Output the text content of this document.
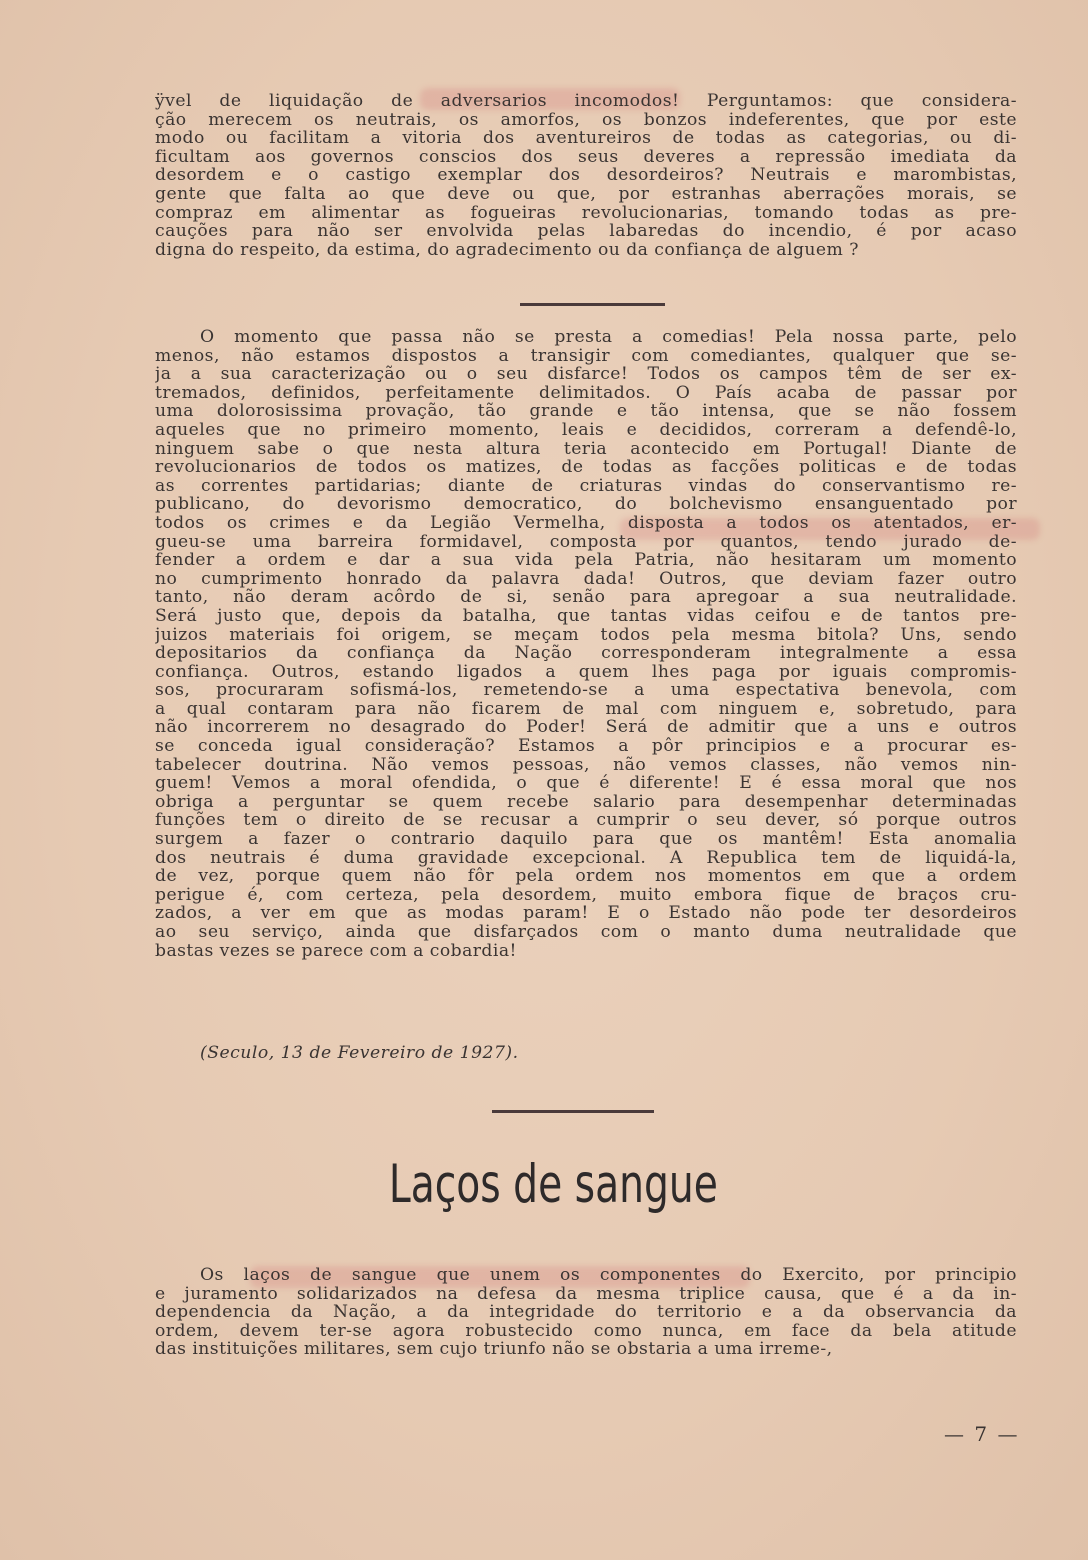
ÿvel de liquidação de adversarios incomodos! Perguntamos: que considera-
ção merecem os neutrais, os amorfos, os bonzos indeferentes, que por este
modo ou facilitam a vitoria dos aventureiros de todas as categorias, ou di-
ficultam aos governos conscios dos seus deveres a repressão imediata da
desordem e o castigo exemplar dos desordeiros? Neutrais e marombistas,
gente que falta ao que deve ou que, por estranhas aberrações morais, se
compraz em alimentar as fogueiras revolucionarias, tomando todas as pre-
cauções para não ser envolvida pelas labaredas do incendio, é por acaso
digna do respeito, da estima, do agradecimento ou da confiança de alguem ?
O momento que passa não se presta a comedias! Pela nossa parte, pelo
menos, não estamos dispostos a transigir com comediantes, qualquer que se-
ja a sua caracterização ou o seu disfarce! Todos os campos têm de ser ex-
tremados, definidos, perfeitamente delimitados. O País acaba de passar por
uma dolorosissima provação, tão grande e tão intensa, que se não fossem
aqueles que no primeiro momento, leais e decididos, correram a defendê-lo,
ninguem sabe o que nesta altura teria acontecido em Portugal! Diante de
revolucionarios de todos os matizes, de todas as facções politicas e de todas
as correntes partidarias; diante de criaturas vindas do conservantismo re-
publicano, do devorismo democratico, do bolchevismo ensanguentado por
todos os crimes e da Legião Vermelha, disposta a todos os atentados, er-
gueu-se uma barreira formidavel, composta por quantos, tendo jurado de-
fender a ordem e dar a sua vida pela Patria, não hesitaram um momento
no cumprimento honrado da palavra dada! Outros, que deviam fazer outro
tanto, não deram acôrdo de si, senão para apregoar a sua neutralidade.
Será justo que, depois da batalha, que tantas vidas ceifou e de tantos pre-
juizos materiais foi origem, se meçam todos pela mesma bitola? Uns, sendo
depositarios da confiança da Nação corresponderam integralmente a essa
confiança. Outros, estando ligados a quem lhes paga por iguais compromis-
sos, procuraram sofismá-los, remetendo-se a uma espectativa benevola, com
a qual contaram para não ficarem de mal com ninguem e, sobretudo, para
não incorrerem no desagrado do Poder! Será de admitir que a uns e outros
se conceda igual consideração? Estamos a pôr principios e a procurar es-
tabelecer doutrina. Não vemos pessoas, não vemos classes, não vemos nin-
guem! Vemos a moral ofendida, o que é diferente! E é essa moral que nos
obriga a perguntar se quem recebe salario para desempenhar determinadas
funções tem o direito de se recusar a cumprir o seu dever, só porque outros
surgem a fazer o contrario daquilo para que os mantêm! Esta anomalia
dos neutrais é duma gravidade excepcional. A Republica tem de liquidá-la,
de vez, porque quem não fôr pela ordem nos momentos em que a ordem
perigue é, com certeza, pela desordem, muito embora fique de braços cru-
zados, a ver em que as modas param! E o Estado não pode ter desordeiros
ao seu serviço, ainda que disfarçados com o manto duma neutralidade que
bastas vezes se parece com a cobardia!
(Seculo, 13 de Fevereiro de 1927).
Laços de sangue
Os laços de sangue que unem os componentes do Exercito, por principio
e juramento solidarizados na defesa da mesma triplice causa, que é a da in-
dependencia da Nação, a da integridade do territorio e a da observancia da
ordem, devem ter-se agora robustecido como nunca, em face da bela atitude
das instituições militares, sem cujo triunfo não se obstaria a uma irreme-,
— 7 —
